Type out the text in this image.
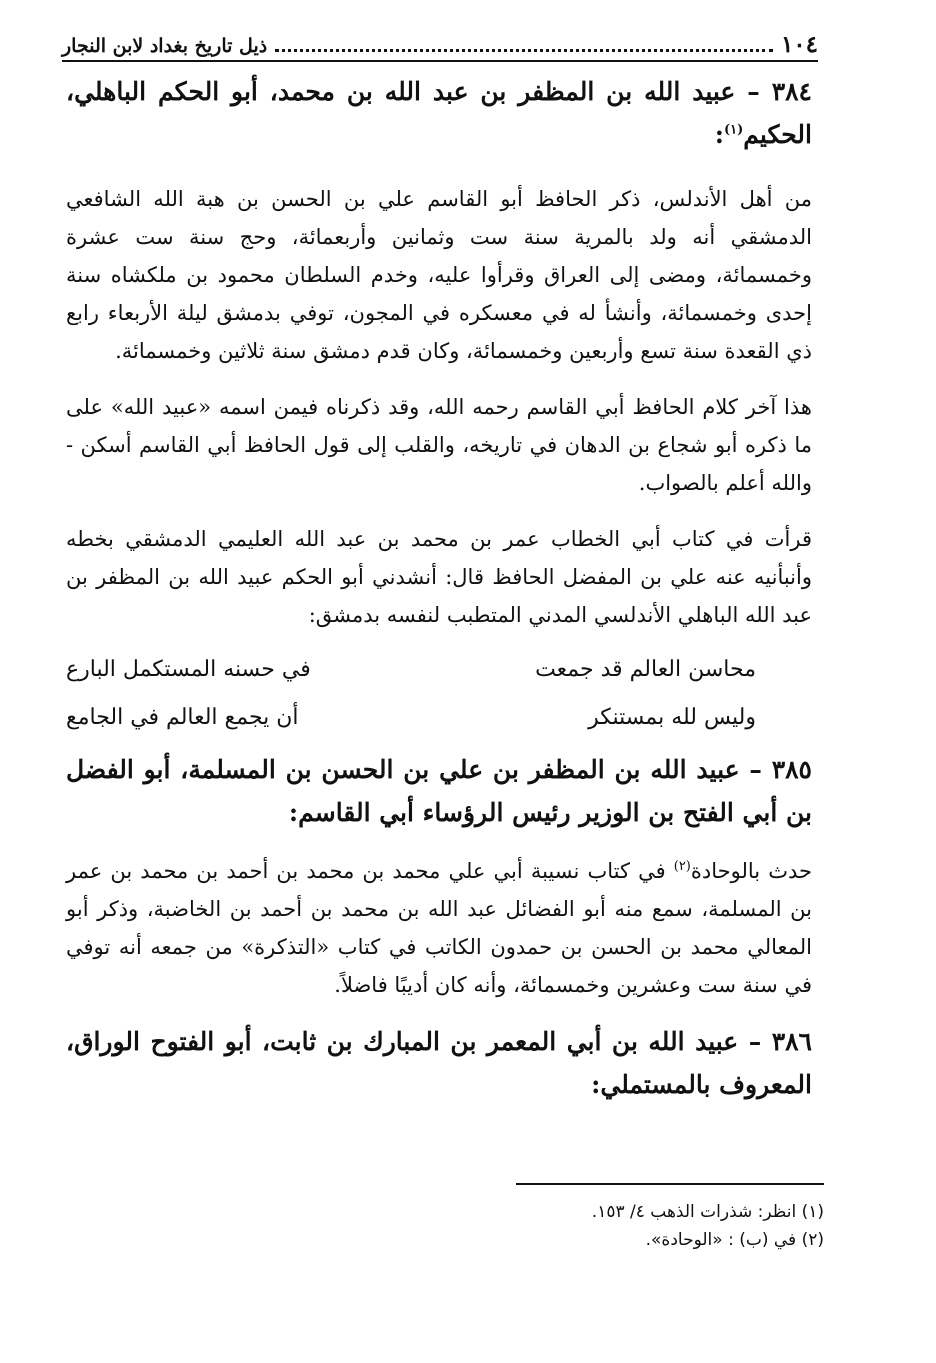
١٠٤
ذيل تاريخ بغداد لابن النجار

٣٨٤ – عبيد الله بن المظفر بن عبد الله بن محمد، أبو الحكم الباهلي، الحكيم$^{(١)}$:

من أهل الأندلس، ذكر الحافظ أبو القاسم علي بن الحسن بن هبة الله الشافعي الدمشقي أنه ولد بالمرية سنة ست وثمانين وأربعمائة، وحج سنة ست عشرة وخمسمائة، ومضى إلى العراق وقرأوا عليه، وخدم السلطان محمود بن ملكشاه سنة إحدى وخمسمائة، وأنشأ له في معسكره في المجون، توفي بدمشق ليلة الأربعاء رابع ذي القعدة سنة تسع وأربعين وخمسمائة، وكان قدم دمشق سنة ثلاثين وخمسمائة.

هذا آخر كلام الحافظ أبي القاسم رحمه الله، وقد ذكرناه فيمن اسمه «عبيد الله» على ما ذكره أبو شجاع بن الدهان في تاريخه، والقلب إلى قول الحافظ أبي القاسم أسكن - والله أعلم بالصواب.

قرأت في كتاب أبي الخطاب عمر بن محمد بن عبد الله العليمي الدمشقي بخطه وأنبأنيه عنه علي بن المفضل الحافظ قال: أنشدني أبو الحكم عبيد الله بن المظفر بن عبد الله الباهلي الأندلسي المدني المتطبب لنفسه بدمشق:

محاسن العالم قد جمعت
في حسنه المستكمل البارع
وليس لله بمستنكر
أن يجمع العالم في الجامع

٣٨٥ – عبيد الله بن المظفر بن علي بن الحسن بن المسلمة، أبو الفضل بن أبي الفتح بن الوزير رئيس الرؤساء أبي القاسم:

حدث بالوحادة$^{(٢)}$ في كتاب نسيبة أبي علي محمد بن محمد بن أحمد بن محمد بن عمر بن المسلمة، سمع منه أبو الفضائل عبد الله بن محمد بن أحمد بن الخاضبة، وذكر أبو المعالي محمد بن الحسن بن حمدون الكاتب في كتاب «التذكرة» من جمعه أنه توفي في سنة ست وعشرين وخمسمائة، وأنه كان أديبًا فاضلاً.

٣٨٦ – عبيد الله بن أبي المعمر بن المبارك بن ثابت، أبو الفتوح الوراق، المعروف بالمستملي:

(١) انظر: شذرات الذهب ٤/ ١٥٣.
(٢) في (ب) : «الوحادة».
